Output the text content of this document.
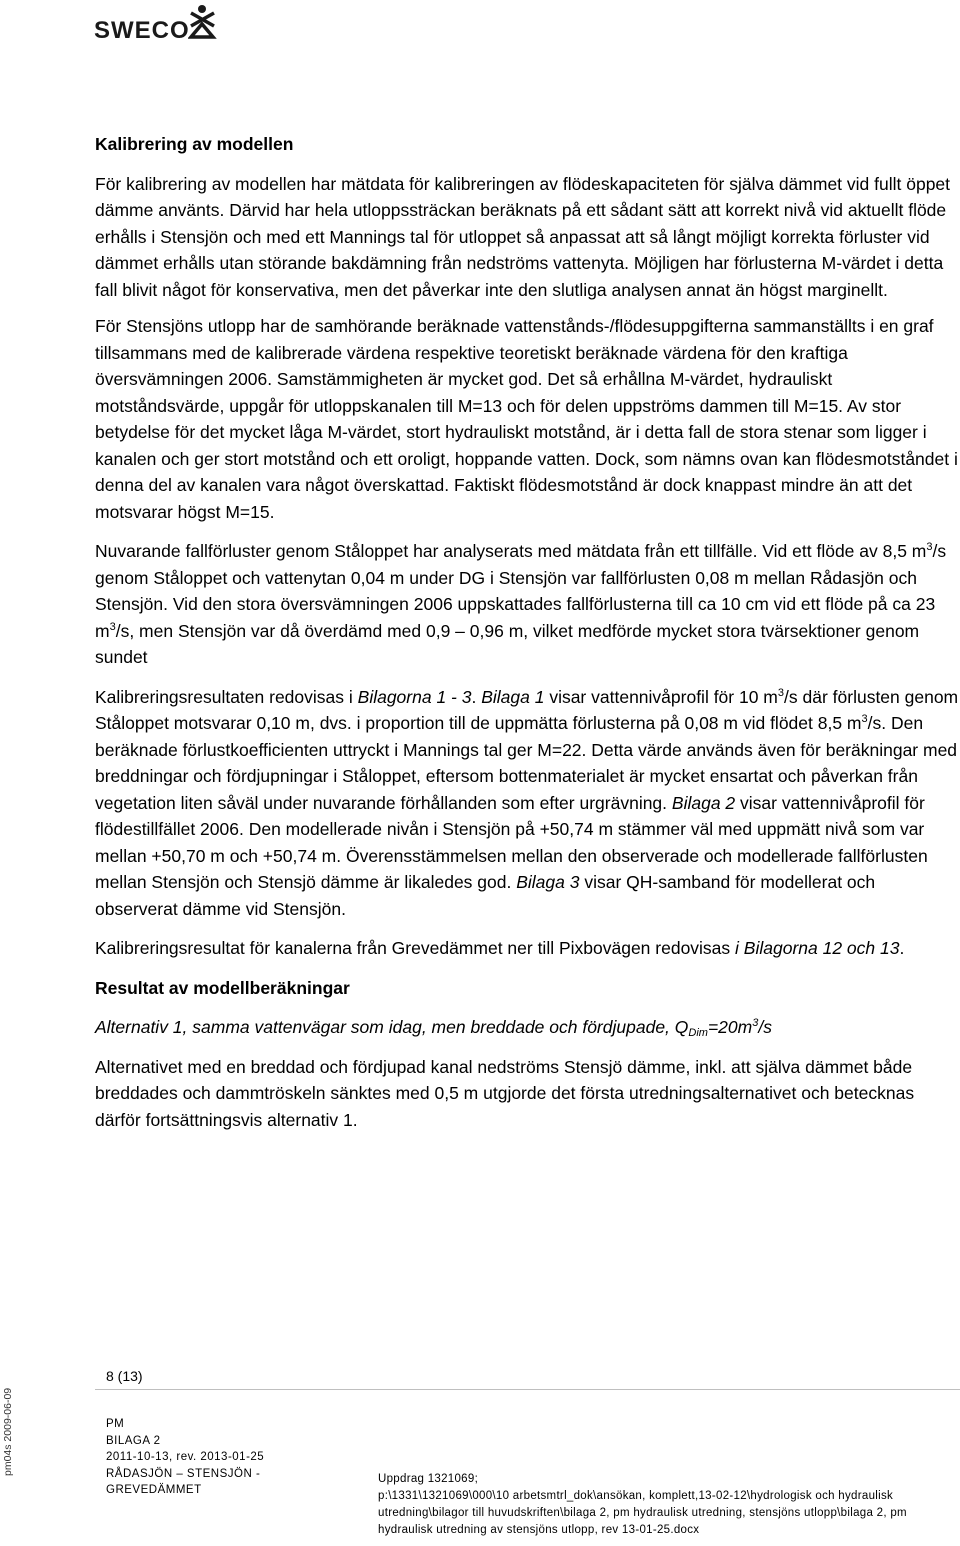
SWECO
Kalibrering av modellen

För kalibrering av modellen har mätdata för kalibreringen av flödeskapaciteten för själva dämmet vid fullt öppet dämme använts. Därvid har hela utloppssträckan beräknats på ett sådant sätt att korrekt nivå vid aktuellt flöde erhålls i Stensjön och med ett Mannings tal för utloppet så anpassat att så långt möjligt korrekta förluster vid dämmet erhålls utan störande bakdämning från nedströms vattenyta. Möjligen har förlusterna M-värdet i detta fall blivit något för konservativa, men det påverkar inte den slutliga analysen annat än högst marginellt.

För Stensjöns utlopp har de samhörande beräknade vattenstånds-/flödesuppgifterna sammanställts i en graf tillsammans med de kalibrerade värdena respektive teoretiskt beräknade värdena för den kraftiga översvämningen 2006. Samstämmigheten är mycket god. Det så erhållna M-värdet, hydrauliskt motståndsvärde, uppgår för utloppskanalen till M=13 och för delen uppströms dammen till M=15. Av stor betydelse för det mycket låga M-värdet, stort hydrauliskt motstånd, är i detta fall de stora stenar som ligger i kanalen och ger stort motstånd och ett oroligt, hoppande vatten. Dock, som nämns ovan kan flödesmotståndet i denna del av kanalen vara något överskattad. Faktiskt flödesmotstånd är dock knappast mindre än att det motsvarar högst M=15.

Nuvarande fallförluster genom Ståloppet har analyserats med mätdata från ett tillfälle. Vid ett flöde av 8,5 $m^3/s$ genom Ståloppet och vattenytan 0,04 m under DG i Stensjön var fallförlusten 0,08 m mellan Rådasjön och Stensjön. Vid den stora översvämningen 2006 uppskattades fallförlusterna till ca 10 cm vid ett flöde på ca 23 $m^3/s$, men Stensjön var då överdämd med 0,9 – 0,96 m, vilket medförde mycket stora tvärsektioner genom sundet

Kalibreringsresultaten redovisas i Bilagorna 1 - 3. Bilaga 1 visar vattennivåprofil för 10 $m^3/s$ där förlusten genom Ståloppet motsvarar 0,10 m, dvs. i proportion till de uppmätta förlusterna på 0,08 m vid flödet 8,5 $m^3/s$. Den beräknade förlustkoefficienten uttryckt i Mannings tal ger M=22. Detta värde används även för beräkningar med breddningar och fördjupningar i Ståloppet, eftersom bottenmaterialet är mycket ensartat och påverkan från vegetation liten såväl under nuvarande förhållanden som efter urgrävning. Bilaga 2 visar vattennivåprofil för flödestillfället 2006. Den modellerade nivån i Stensjön på +50,74 m stämmer väl med uppmätt nivå som var mellan +50,70 m och +50,74 m. Överensstämmelsen mellan den observerade och modellerade fallförlusten mellan Stensjön och Stensjö dämme är likaledes god. Bilaga 3 visar QH-samband för modellerat och observerat dämme vid Stensjön.

Kalibreringsresultat för kanalerna från Grevedämmet ner till Pixbovägen redovisas i Bilagorna 12 och 13.

Resultat av modellberäkningar

Alternativ 1, samma vattenvägar som idag, men breddade och fördjupade, $Q_{Dim}=20m^3/s$

Alternativet med en breddad och fördjupad kanal nedströms Stensjö dämme, inkl. att själva dämmet både breddades och dammtröskeln sänktes med 0,5 m utgjorde det första utredningsalternativet och betecknas därför fortsättningsvis alternativ 1.

8 (13)
PM
BILAGA 2
2011-10-13, rev. 2013-01-25
RÅDASJÖN – STENSJÖN -
GREVEDÄMMET
Uppdrag 1321069;
p:\1331\1321069\000\10 arbetsmtrl_dok\ansökan, komplett,13-02-12\hydrologisk och hydraulisk utredning\bilagor till huvudskriften\bilaga 2, pm hydraulisk utredning, stensjöns utlopp\bilaga 2, pm hydraulisk utredning av stensjöns utlopp, rev 13-01-25.docx
pm04s 2009-06-09
